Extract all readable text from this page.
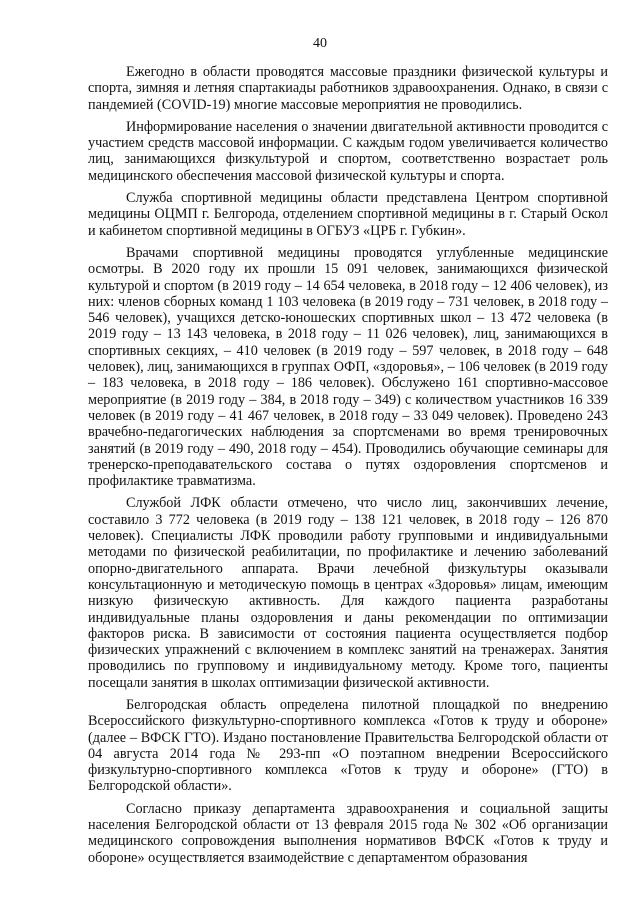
40

Ежегодно в области проводятся массовые праздники физической культуры и спорта, зимняя и летняя спартакиады работников здравоохранения. Однако, в связи с пандемией (COVID-19) многие массовые мероприятия не проводились.

Информирование населения о значении двигательной активности проводится с участием средств массовой информации. С каждым годом увеличивается количество лиц, занимающихся физкультурой и спортом, соответственно возрастает роль медицинского обеспечения массовой физической культуры и спорта.

Служба спортивной медицины области представлена Центром спортивной медицины ОЦМП г. Белгорода, отделением спортивной медицины в г. Старый Оскол и кабинетом спортивной медицины в ОГБУЗ «ЦРБ г. Губкин».

Врачами спортивной медицины проводятся углубленные медицинские осмотры. В 2020 году их прошли 15 091 человек, занимающихся физической культурой и спортом (в 2019 году – 14 654 человека, в 2018 году – 12 406 человек), из них: членов сборных команд 1 103 человека (в 2019 году – 731 человек, в 2018 году – 546 человек), учащихся детско-юношеских спортивных школ – 13 472 человека (в 2019 году – 13 143 человека, в 2018 году – 11 026 человек), лиц, занимающихся в спортивных секциях, – 410 человек (в 2019 году – 597 человек, в 2018 году – 648 человек), лиц, занимающихся в группах ОФП, «здоровья», – 106 человек (в 2019 году – 183 человека, в 2018 году – 186 человек). Обслужено 161 спортивно-массовое мероприятие (в 2019 году – 384, в 2018 году – 349) с количеством участников 16 339 человек (в 2019 году – 41 467 человек, в 2018 году – 33 049 человек). Проведено 243 врачебно-педагогических наблюдения за спортсменами во время тренировочных занятий (в 2019 году – 490, 2018 году – 454). Проводились обучающие семинары для тренерско-преподавательского состава о путях оздоровления спортсменов и профилактике травматизма.

Службой ЛФК области отмечено, что число лиц, закончивших лечение, составило 3 772 человека (в 2019 году – 138 121 человек, в 2018 году – 126 870 человек). Специалисты ЛФК проводили работу групповыми и индивидуальными методами по физической реабилитации, по профилактике и лечению заболеваний опорно-двигательного аппарата. Врачи лечебной физкультуры оказывали консультационную и методическую помощь в центрах «Здоровья» лицам, имеющим низкую физическую активность. Для каждого пациента разработаны индивидуальные планы оздоровления и даны рекомендации по оптимизации факторов риска. В зависимости от состояния пациента осуществляется подбор физических упражнений с включением в комплекс занятий на тренажерах. Занятия проводились по групповому и индивидуальному методу. Кроме того, пациенты посещали занятия в школах оптимизации физической активности.

Белгородская область определена пилотной площадкой по внедрению Всероссийского физкультурно-спортивного комплекса «Готов к труду и обороне» (далее – ВФСК ГТО). Издано постановление Правительства Белгородской области от 04 августа 2014 года № 293-пп «О поэтапном внедрении Всероссийского физкультурно-спортивного комплекса «Готов к труду и обороне» (ГТО) в Белгородской области».

Согласно приказу департамента здравоохранения и социальной защиты населения Белгородской области от 13 февраля 2015 года № 302 «Об организации медицинского сопровождения выполнения нормативов ВФСК «Готов к труду и обороне» осуществляется взаимодействие с департаментом образования
